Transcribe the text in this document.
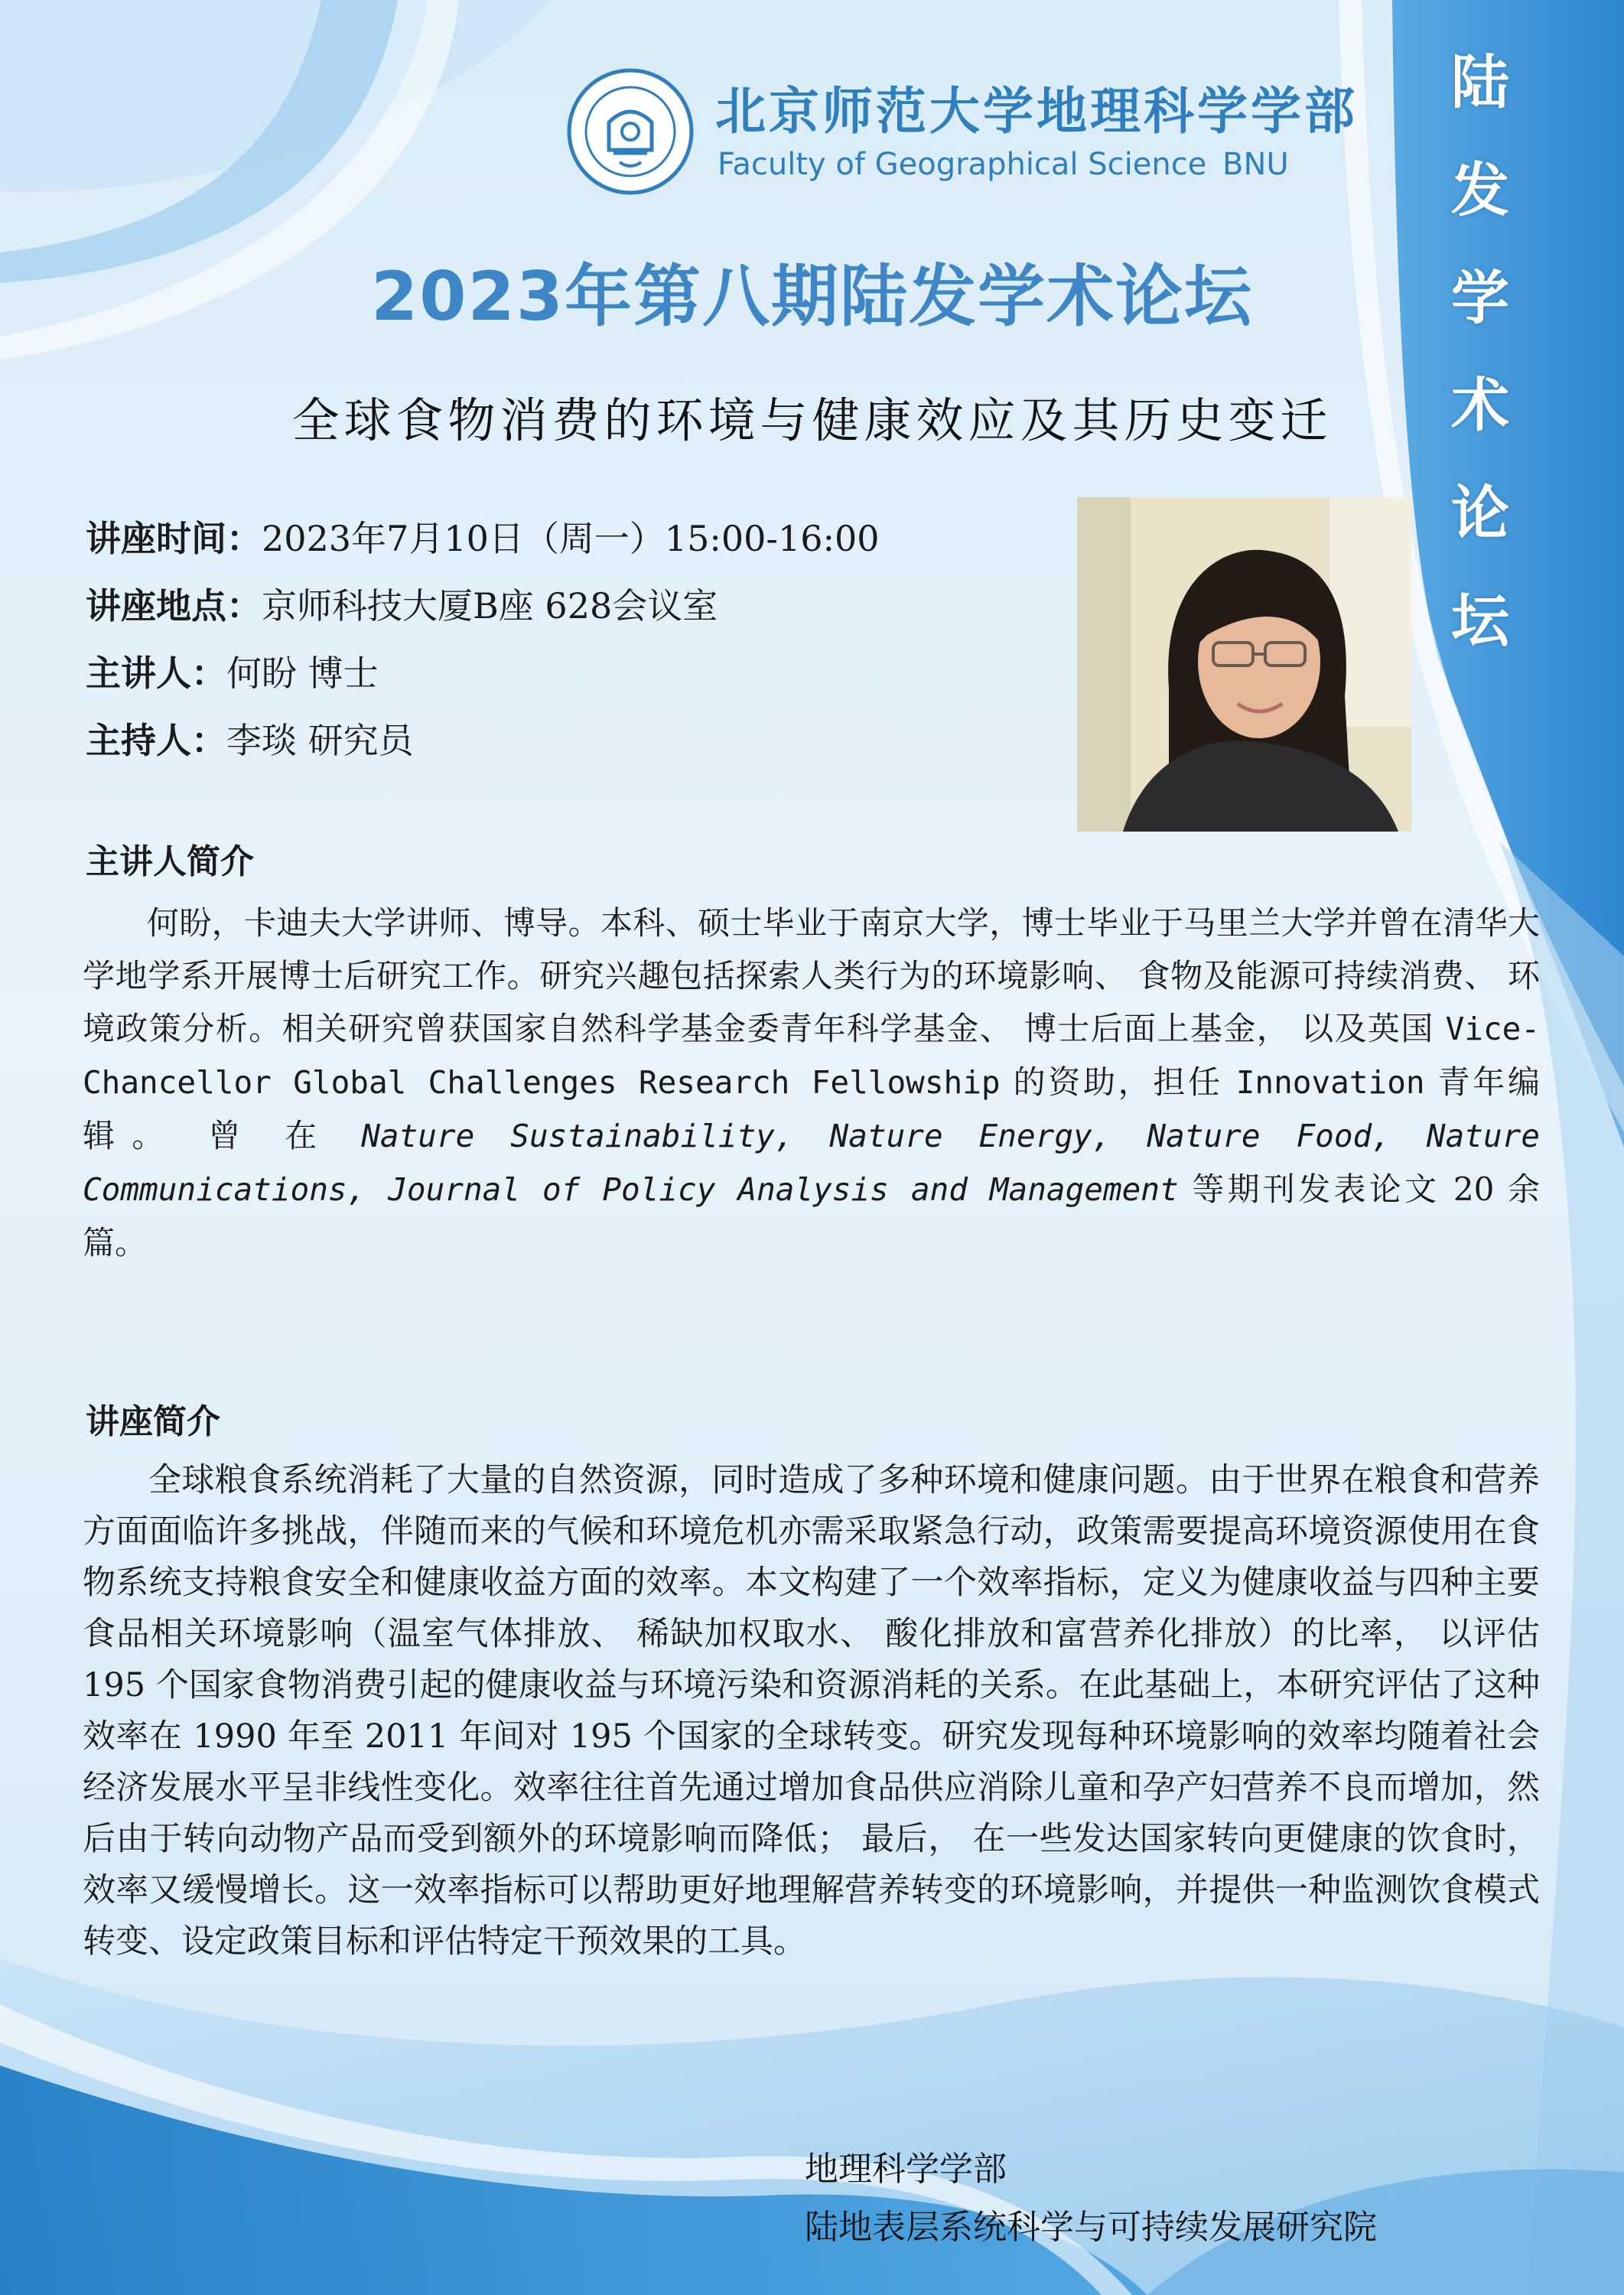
北京师范大学地理科学学部
Faculty of Geographical Science BNU
陆
发
学
术
论
坛
2023年第八期陆发学术论坛
全球食物消费的环境与健康效应及其历史变迁
讲座时间：2023年7月10日（周一）15:00-16:00
讲座地点：京师科技大厦B座 628会议室
主讲人：何盼 博士
主持人：李琰 研究员
主讲人简介

何盼，卡迪夫大学讲师、博导。本科、硕士毕业于南京大学，博士毕业于马里兰大学并曾在清华大学地学系开展博士后研究工作。研究兴趣包括探索人类行为的环境影响、 食物及能源可持续消费、 环境政策分析。相关研究曾获国家自然科学基金委青年科学基金、 博士后面上基金， 以及英国 Vice-Chancellor Global Challenges Research Fellowship 的资助，担任 Innovation 青年编辑。 曾 在 Nature Sustainability, Nature Energy, Nature Food, Nature Communications, Journal of Policy Analysis and Management 等期刊发表论文 20 余篇。

讲座简介

全球粮食系统消耗了大量的自然资源，同时造成了多种环境和健康问题。由于世界在粮食和营养方面面临许多挑战，伴随而来的气候和环境危机亦需采取紧急行动，政策需要提高环境资源使用在食物系统支持粮食安全和健康收益方面的效率。本文构建了一个效率指标，定义为健康收益与四种主要食品相关环境影响（温室气体排放、 稀缺加权取水、 酸化排放和富营养化排放）的比率， 以评估 195 个国家食物消费引起的健康收益与环境污染和资源消耗的关系。在此基础上，本研究评估了这种效率在 1990 年至 2011 年间对 195 个国家的全球转变。研究发现每种环境影响的效率均随着社会经济发展水平呈非线性变化。效率往往首先通过增加食品供应消除儿童和孕产妇营养不良而增加，然后由于转向动物产品而受到额外的环境影响而降低； 最后， 在一些发达国家转向更健康的饮食时，效率又缓慢增长。这一效率指标可以帮助更好地理解营养转变的环境影响，并提供一种监测饮食模式转变、设定政策目标和评估特定干预效果的工具。

地理科学学部
陆地表层系统科学与可持续发展研究院
